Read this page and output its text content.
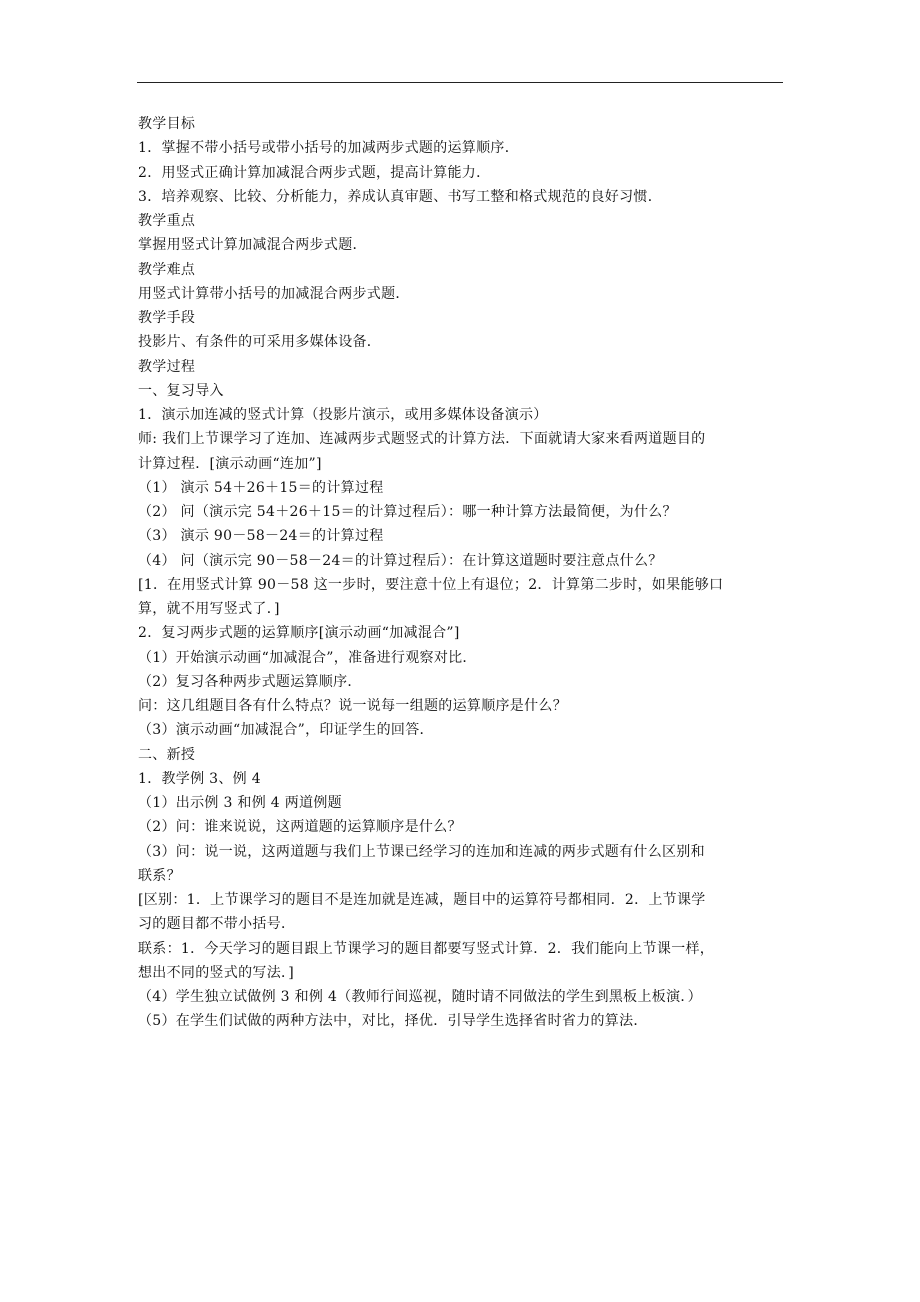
教学目标
1．掌握不带小括号或带小括号的加减两步式题的运算顺序．
2．用竖式正确计算加减混合两步式题，提高计算能力．
3．培养观察、比较、分析能力，养成认真审题、书写工整和格式规范的良好习惯．
教学重点
掌握用竖式计算加减混合两步式题．
教学难点
用竖式计算带小括号的加减混合两步式题．
教学手段
投影片、有条件的可采用多媒体设备．
教学过程
一、复习导入
1．演示加连减的竖式计算（投影片演示，或用多媒体设备演示）
师: 我们上节课学习了连加、连减两步式题竖式的计算方法．下面就请大家来看两道题目的
计算过程．[演示动画“连加”]
（1） 演示 54＋26＋15＝的计算过程
（2） 问（演示完 54＋26＋15＝的计算过程后）：哪一种计算方法最简便，为什么？
（3） 演示 90－58－24＝的计算过程
（4） 问（演示完 90－58－24＝的计算过程后）：在计算这道题时要注意点什么？
[1．在用竖式计算 90－58 这一步时，要注意十位上有退位；2．计算第二步时，如果能够口
算，就不用写竖式了．]
2．复习两步式题的运算顺序[演示动画“加减混合”]
（1）开始演示动画“加减混合”，准备进行观察对比．
（2）复习各种两步式题运算顺序．
问：这几组题目各有什么特点？说一说每一组题的运算顺序是什么？
（3）演示动画“加减混合”，印证学生的回答．
二、新授
1．教学例 3、例 4
（1）出示例 3 和例 4 两道例题
（2）问：谁来说说，这两道题的运算顺序是什么？
（3）问：说一说，这两道题与我们上节课已经学习的连加和连减的两步式题有什么区别和
联系？
[区别：1．上节课学习的题目不是连加就是连减，题目中的运算符号都相同．2．上节课学
习的题目都不带小括号．
联系：1．今天学习的题目跟上节课学习的题目都要写竖式计算．2．我们能向上节课一样，
想出不同的竖式的写法．]
（4）学生独立试做例 3 和例 4（教师行间巡视，随时请不同做法的学生到黑板上板演．）
（5）在学生们试做的两种方法中，对比，择优．引导学生选择省时省力的算法．
